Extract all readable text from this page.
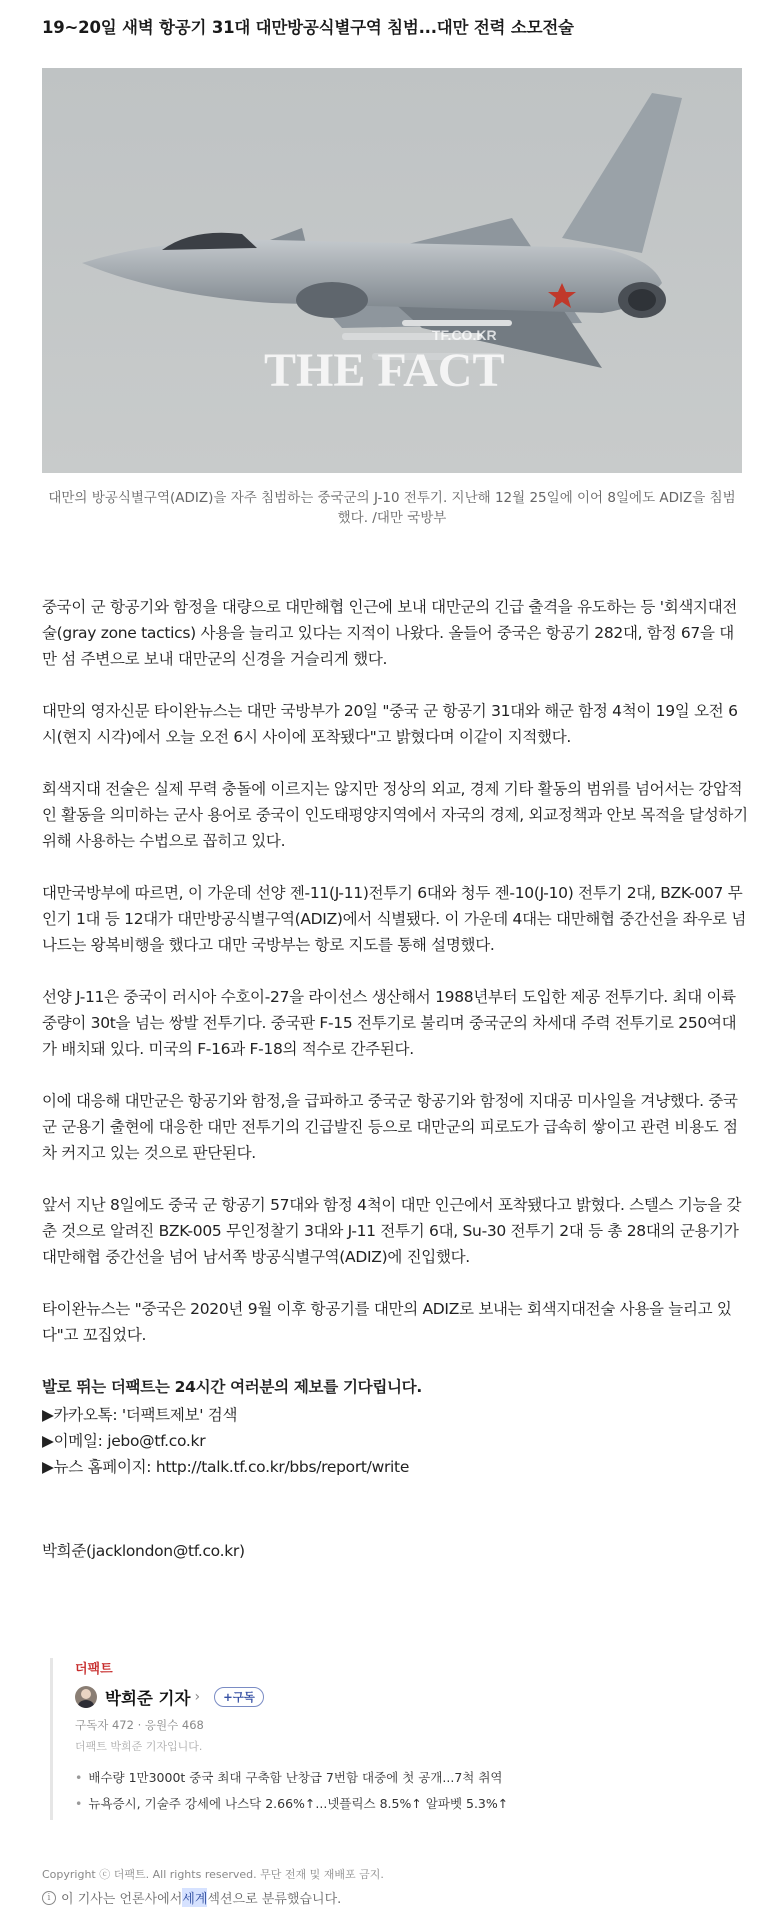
19~20일 새벽 항공기 31대 대만방공식별구역 침범...대만 전력 소모전술
TF.CO.KR
THE FACT
대만의 방공식별구역(ADIZ)을 자주 침범하는 중국군의 J-10 전투기. 지난해 12월 25일에 이어 8일에도 ADIZ을 침범했다. /대만 국방부

중국이 군 항공기와 함정을 대량으로 대만해협 인근에 보내 대만군의 긴급 출격을 유도하는 등 '회색지대전술(gray zone tactics) 사용을 늘리고 있다는 지적이 나왔다. 올들어 중국은 항공기 282대, 함정 67을 대만 섬 주변으로 보내 대만군의 신경을 거슬리게 했다.

대만의 영자신문 타이완뉴스는 대만 국방부가 20일 "중국 군 항공기 31대와 해군 함정 4척이 19일 오전 6시(현지 시각)에서 오늘 오전 6시 사이에 포착됐다"고 밝혔다며 이같이 지적했다.

회색지대 전술은 실제 무력 충돌에 이르지는 않지만 정상의 외교, 경제 기타 활동의 범위를 넘어서는 강압적인 활동을 의미하는 군사 용어로 중국이 인도태평양지역에서 자국의 경제, 외교정책과 안보 목적을 달성하기 위해 사용하는 수법으로 꼽히고 있다.

대만국방부에 따르면, 이 가운데 선양 젠-11(J-11)전투기 6대와 청두 젠-10(J-10) 전투기 2대, BZK-007 무인기 1대 등 12대가 대만방공식별구역(ADIZ)에서 식별됐다. 이 가운데 4대는 대만해협 중간선을 좌우로 넘나드는 왕복비행을 했다고 대만 국방부는 항로 지도를 통해 설명했다.

선양 J-11은 중국이 러시아 수호이-27을 라이선스 생산해서 1988년부터 도입한 제공 전투기다. 최대 이륙중량이 30t을 넘는 쌍발 전투기다. 중국판 F-15 전투기로 불리며 중국군의 차세대 주력 전투기로 250여대가 배치돼 있다. 미국의 F-16과 F-18의 적수로 간주된다.

이에 대응해 대만군은 항공기와 함정,을 급파하고 중국군 항공기와 함정에 지대공 미사일을 겨냥했다. 중국군 군용기 출현에 대응한 대만 전투기의 긴급발진 등으로 대만군의 피로도가 급속히 쌓이고 관련 비용도 점차 커지고 있는 것으로 판단된다.

앞서 지난 8일에도 중국 군 항공기 57대와 함정 4척이 대만 인근에서 포착됐다고 밝혔다. 스텔스 기능을 갖춘 것으로 알려진 BZK-005 무인정찰기 3대와 J-11 전투기 6대, Su-30 전투기 2대 등 총 28대의 군용기가 대만해협 중간선을 넘어 남서쪽 방공식별구역(ADIZ)에 진입했다.

타이완뉴스는 "중국은 2020년 9월 이후 항공기를 대만의 ADIZ로 보내는 회색지대전술 사용을 늘리고 있다"고 꼬집었다.

발로 뛰는 더팩트는 24시간 여러분의 제보를 기다립니다.
▶카카오톡: '더팩트제보' 검색
▶이메일: jebo@tf.co.kr
▶뉴스 홈페이지: http://talk.tf.co.kr/bbs/report/write
박희준(jacklondon@tf.co.kr)
더팩트
박희준 기자 ›	+구독
구독자 472 · 응원수 468
더팩트 박희준 기자입니다.
• 배수량 1만3000t 중국 최대 구축함 난창급 7번함 대중에 첫 공개...7척 취역
• 뉴욕증시, 기술주 강세에 나스닥 2.66%↑...넷플릭스 8.5%↑ 알파벳 5.3%↑
Copyright ⓒ 더팩트. All rights reserved. 무단 전재 및 재배포 금지.
i 이 기사는 언론사에서 세계 섹션으로 분류했습니다.
